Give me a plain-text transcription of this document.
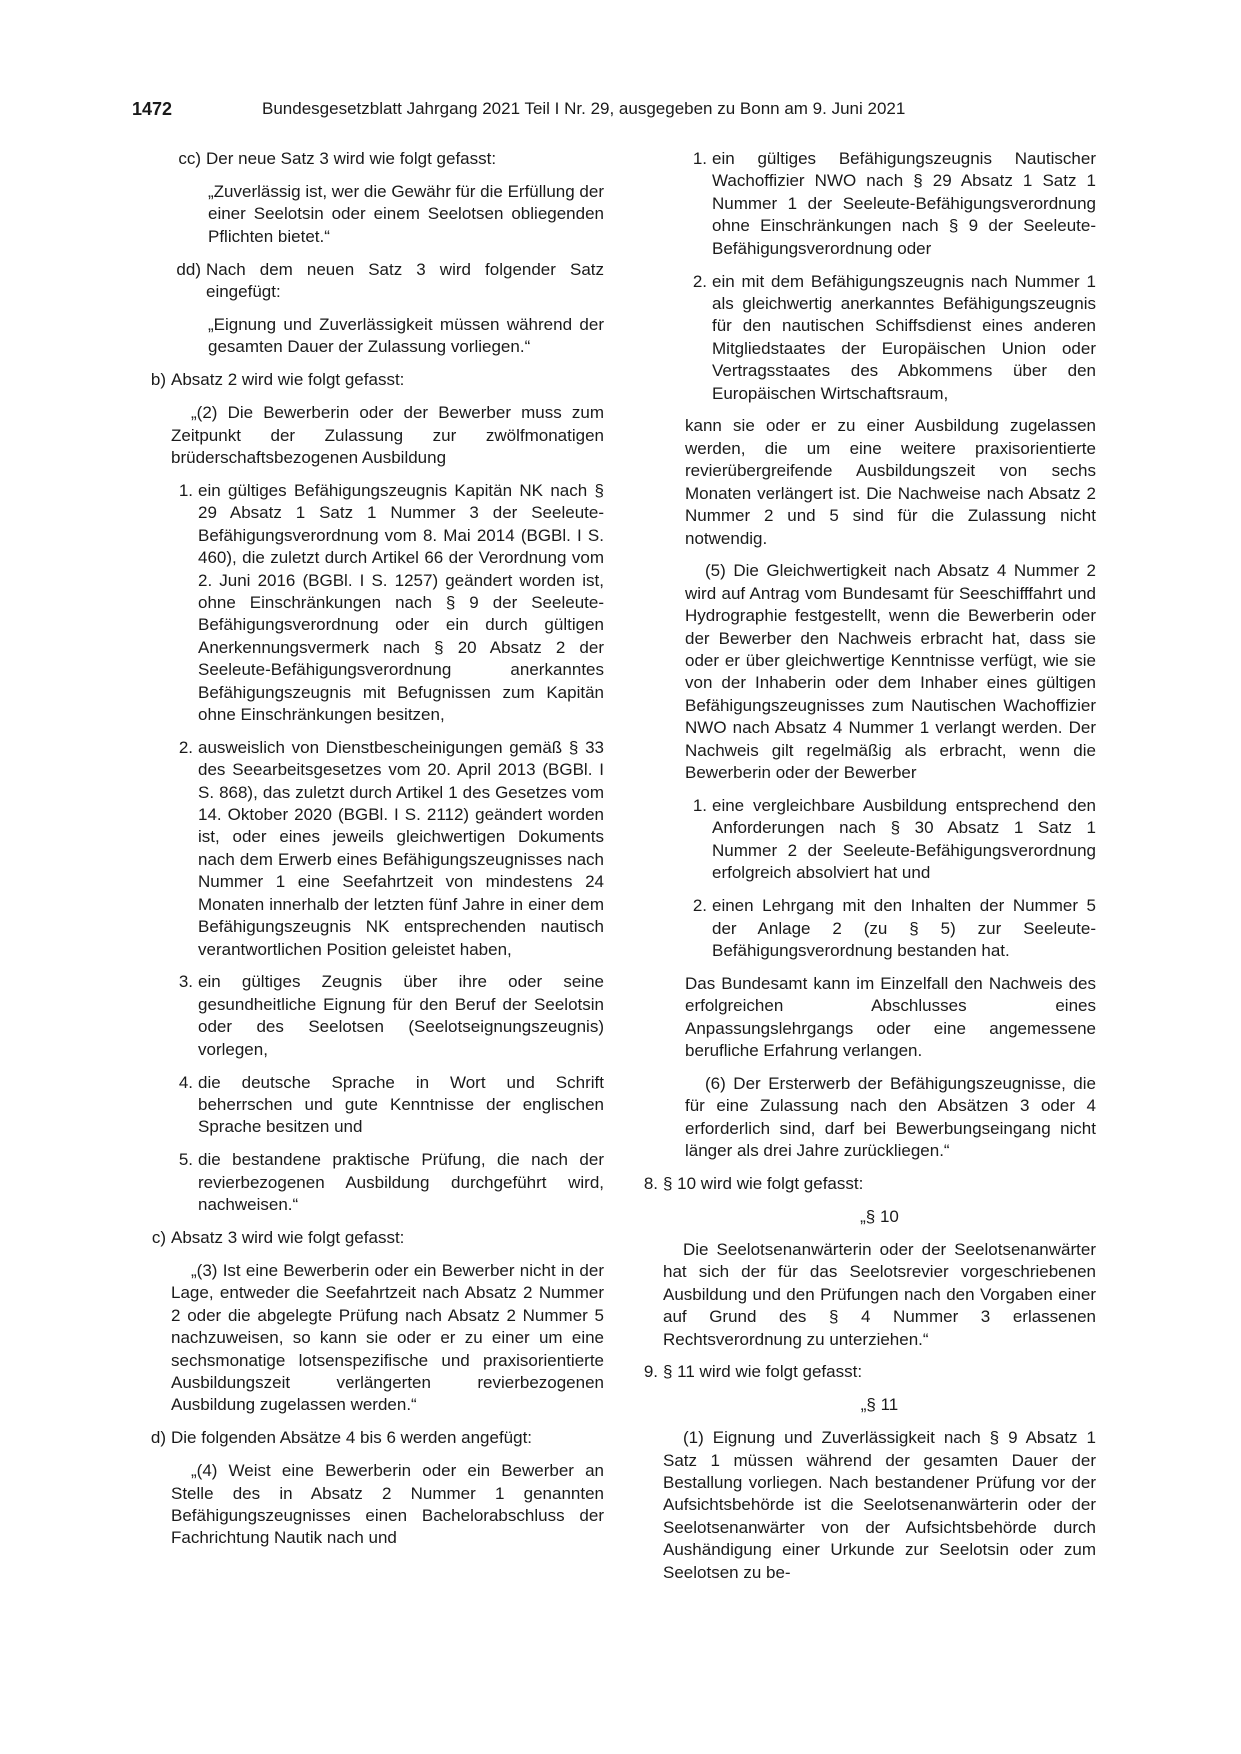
1472	Bundesgesetzblatt Jahrgang 2021 Teil I Nr. 29, ausgegeben zu Bonn am 9. Juni 2021
cc) Der neue Satz 3 wird wie folgt gefasst:
„Zuverlässig ist, wer die Gewähr für die Erfüllung der einer Seelotsin oder einem Seelotsen obliegenden Pflichten bietet.“
dd) Nach dem neuen Satz 3 wird folgender Satz eingefügt:
„Eignung und Zuverlässigkeit müssen während der gesamten Dauer der Zulassung vorliegen.“
b) Absatz 2 wird wie folgt gefasst:
„(2) Die Bewerberin oder der Bewerber muss zum Zeitpunkt der Zulassung zur zwölfmonatigen brüderschaftsbezogenen Ausbildung
1. ein gültiges Befähigungszeugnis Kapitän NK nach § 29 Absatz 1 Satz 1 Nummer 3 der Seeleute-Befähigungsverordnung vom 8. Mai 2014 (BGBl. I S. 460), die zuletzt durch Artikel 66 der Verordnung vom 2. Juni 2016 (BGBl. I S. 1257) geändert worden ist, ohne Einschränkungen nach § 9 der Seeleute-Befähigungsverordnung oder ein durch gültigen Anerkennungsvermerk nach § 20 Absatz 2 der Seeleute-Befähigungsverordnung anerkanntes Befähigungszeugnis mit Befugnissen zum Kapitän ohne Einschränkungen besitzen,
2. ausweislich von Dienstbescheinigungen gemäß § 33 des Seearbeitsgesetzes vom 20. April 2013 (BGBl. I S. 868), das zuletzt durch Artikel 1 des Gesetzes vom 14. Oktober 2020 (BGBl. I S. 2112) geändert worden ist, oder eines jeweils gleichwertigen Dokuments nach dem Erwerb eines Befähigungszeugnisses nach Nummer 1 eine Seefahrtzeit von mindestens 24 Monaten innerhalb der letzten fünf Jahre in einer dem Befähigungszeugnis NK entsprechenden nautisch verantwortlichen Position geleistet haben,
3. ein gültiges Zeugnis über ihre oder seine gesundheitliche Eignung für den Beruf der Seelotsin oder des Seelotsen (Seelotseignungszeugnis) vorlegen,
4. die deutsche Sprache in Wort und Schrift beherrschen und gute Kenntnisse der englischen Sprache besitzen und
5. die bestandene praktische Prüfung, die nach der revierbezogenen Ausbildung durchgeführt wird, nachweisen.“
c) Absatz 3 wird wie folgt gefasst:
„(3) Ist eine Bewerberin oder ein Bewerber nicht in der Lage, entweder die Seefahrtzeit nach Absatz 2 Nummer 2 oder die abgelegte Prüfung nach Absatz 2 Nummer 5 nachzuweisen, so kann sie oder er zu einer um eine sechsmonatige lotsenspezifische und praxisorientierte Ausbildungszeit verlängerten revierbezogenen Ausbildung zugelassen werden.“
d) Die folgenden Absätze 4 bis 6 werden angefügt:
„(4) Weist eine Bewerberin oder ein Bewerber an Stelle des in Absatz 2 Nummer 1 genannten Befähigungszeugnisses einen Bachelorabschluss der Fachrichtung Nautik nach und
1. ein gültiges Befähigungszeugnis Nautischer Wachoffizier NWO nach § 29 Absatz 1 Satz 1 Nummer 1 der Seeleute-Befähigungsverordnung ohne Einschränkungen nach § 9 der Seeleute-Befähigungsverordnung oder
2. ein mit dem Befähigungszeugnis nach Nummer 1 als gleichwertig anerkanntes Befähigungszeugnis für den nautischen Schiffsdienst eines anderen Mitgliedstaates der Europäischen Union oder Vertragsstaates des Abkommens über den Europäischen Wirtschaftsraum,
kann sie oder er zu einer Ausbildung zugelassen werden, die um eine weitere praxisorientierte revierübergreifende Ausbildungszeit von sechs Monaten verlängert ist. Die Nachweise nach Absatz 2 Nummer 2 und 5 sind für die Zulassung nicht notwendig.
(5) Die Gleichwertigkeit nach Absatz 4 Nummer 2 wird auf Antrag vom Bundesamt für Seeschifffahrt und Hydrographie festgestellt, wenn die Bewerberin oder der Bewerber den Nachweis erbracht hat, dass sie oder er über gleichwertige Kenntnisse verfügt, wie sie von der Inhaberin oder dem Inhaber eines gültigen Befähigungszeugnisses zum Nautischen Wachoffizier NWO nach Absatz 4 Nummer 1 verlangt werden. Der Nachweis gilt regelmäßig als erbracht, wenn die Bewerberin oder der Bewerber
1. eine vergleichbare Ausbildung entsprechend den Anforderungen nach § 30 Absatz 1 Satz 1 Nummer 2 der Seeleute-Befähigungsverordnung erfolgreich absolviert hat und
2. einen Lehrgang mit den Inhalten der Nummer 5 der Anlage 2 (zu § 5) zur Seeleute-Befähigungsverordnung bestanden hat.
Das Bundesamt kann im Einzelfall den Nachweis des erfolgreichen Abschlusses eines Anpassungslehrgangs oder eine angemessene berufliche Erfahrung verlangen.
(6) Der Ersterwerb der Befähigungszeugnisse, die für eine Zulassung nach den Absätzen 3 oder 4 erforderlich sind, darf bei Bewerbungseingang nicht länger als drei Jahre zurückliegen.“
8. § 10 wird wie folgt gefasst:
„§ 10
Die Seelotsenanwärterin oder der Seelotsenanwärter hat sich der für das Seelotsrevier vorgeschriebenen Ausbildung und den Prüfungen nach den Vorgaben einer auf Grund des § 4 Nummer 3 erlassenen Rechtsverordnung zu unterziehen.“
9. § 11 wird wie folgt gefasst:
„§ 11
(1) Eignung und Zuverlässigkeit nach § 9 Absatz 1 Satz 1 müssen während der gesamten Dauer der Bestallung vorliegen. Nach bestandener Prüfung vor der Aufsichtsbehörde ist die Seelotsenanwärterin oder der Seelotsenanwärter von der Aufsichtsbehörde durch Aushändigung einer Urkunde zur Seelotsin oder zum Seelotsen zu be-
